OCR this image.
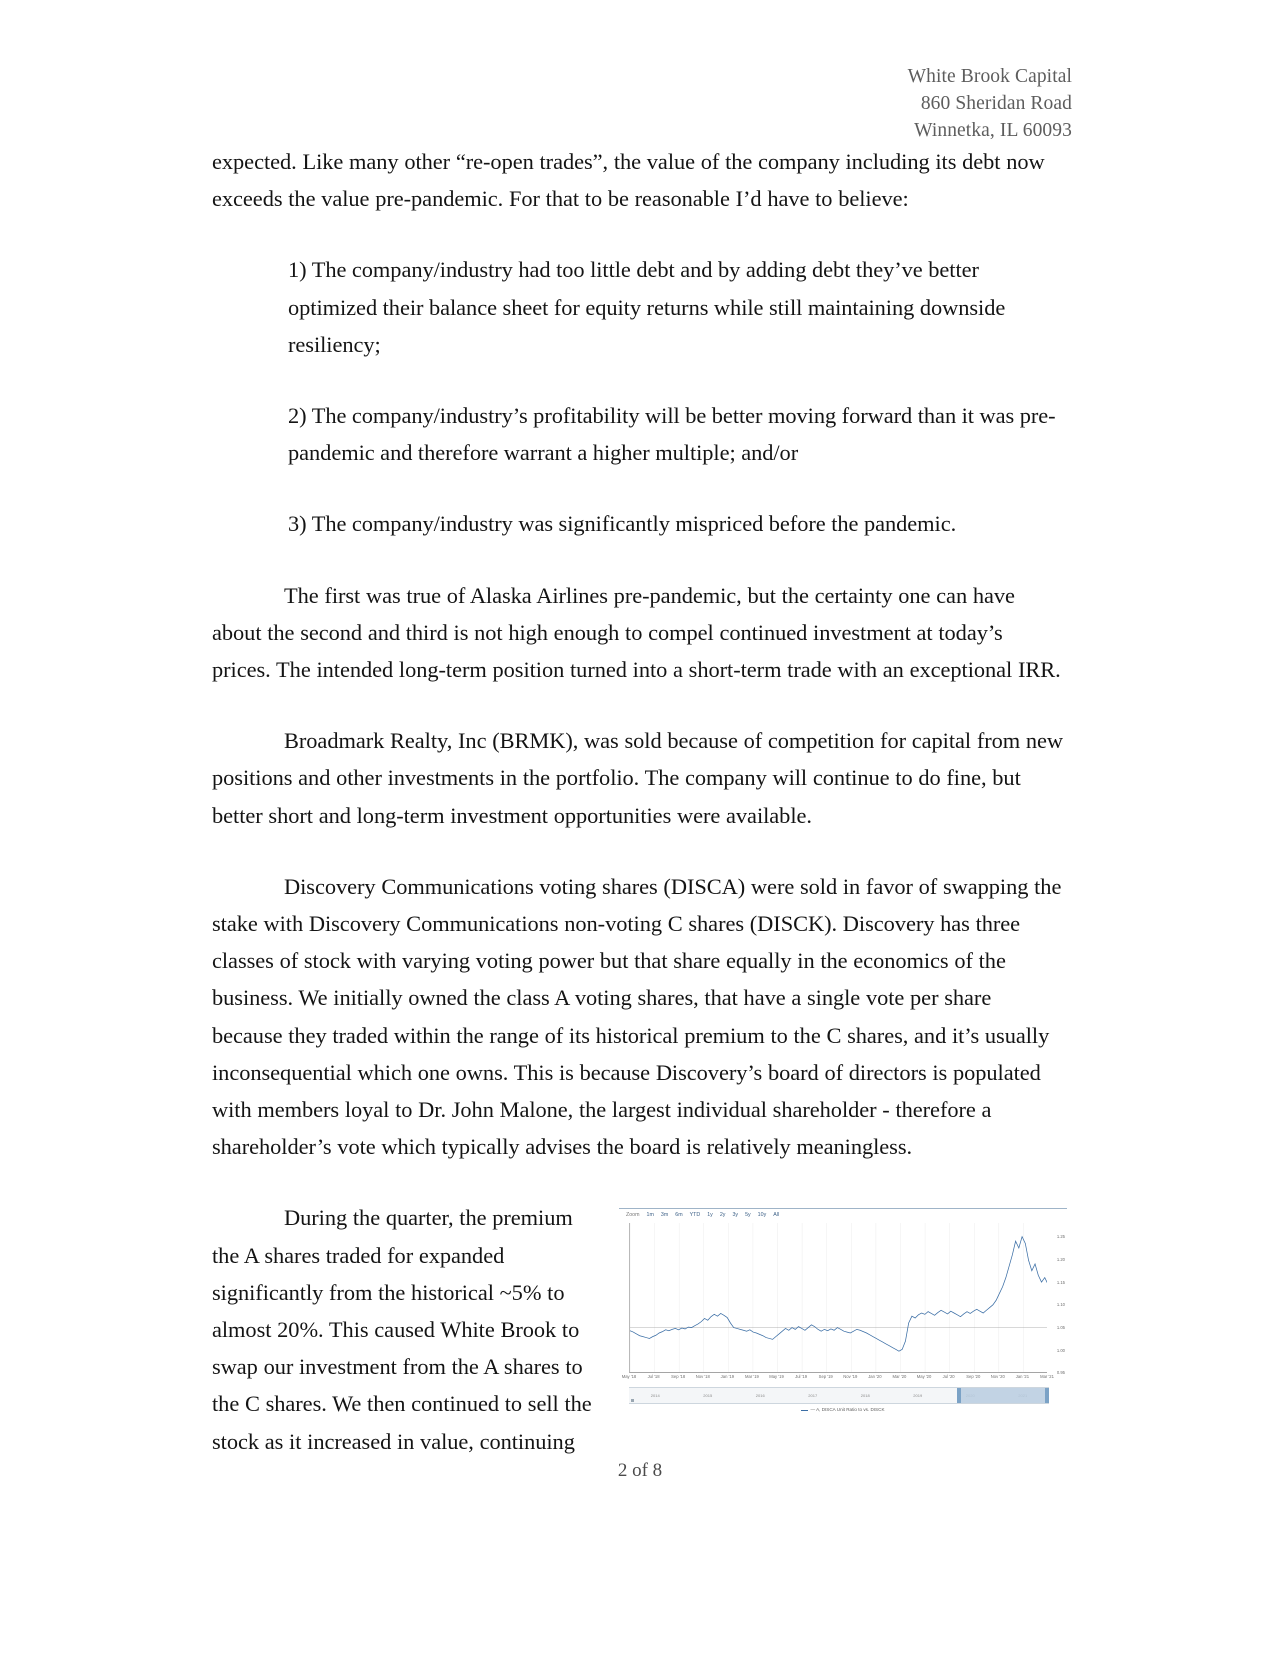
White Brook Capital
860 Sheridan Road
Winnetka, IL 60093

expected. Like many other “re-open trades”, the value of the company including its debt now exceeds the value pre-pandemic. For that to be reasonable I’d have to believe:

1) The company/industry had too little debt and by adding debt they’ve better optimized their balance sheet for equity returns while still maintaining downside resiliency;

2) The company/industry’s profitability will be better moving forward than it was pre-pandemic and therefore warrant a higher multiple; and/or

3) The company/industry was significantly mispriced before the pandemic.

The first was true of Alaska Airlines pre-pandemic, but the certainty one can have about the second and third is not high enough to compel continued investment at today’s prices. The intended long-term position turned into a short-term trade with an exceptional IRR.

Broadmark Realty, Inc (BRMK), was sold because of competition for capital from new positions and other investments in the portfolio. The company will continue to do fine, but better short and long-term investment opportunities were available.

Discovery Communications voting shares (DISCA) were sold in favor of swapping the stake with Discovery Communications non-voting C shares (DISCK). Discovery has three classes of stock with varying voting power but that share equally in the economics of the business. We initially owned the class A voting shares, that have a single vote per share because they traded within the range of its historical premium to the C shares, and it’s usually inconsequential which one owns. This is because Discovery’s board of directors is populated with members loyal to Dr. John Malone, the largest individual shareholder - therefore a shareholder’s vote which typically advises the board is relatively meaningless.

Zoom 1m 3m 6m YTD 1y 2y 3y 5y 10y All
1.25
1.20
1.15
1.10
1.05
1.00
0.95
May '18	Jul '18	Sep '18	Nov '18	Jan '19	Mar '19 May '19	Jul '19	Sep '19	Nov '19	Jan '20	Mar '20 May '20	Jul '20	Sep '20	Nov '20	Jan '21	Mar '21
2014	2015	2016	2017	2018	2019
— A, DISCA Unit Ratio to vs. DISCK

During the quarter, the premium the A shares traded for expanded significantly from the historical ~5% to almost 20%. This caused White Brook to swap our investment from the A shares to the C shares. We then continued to sell the stock as it increased in value, continuing

2 of 8
